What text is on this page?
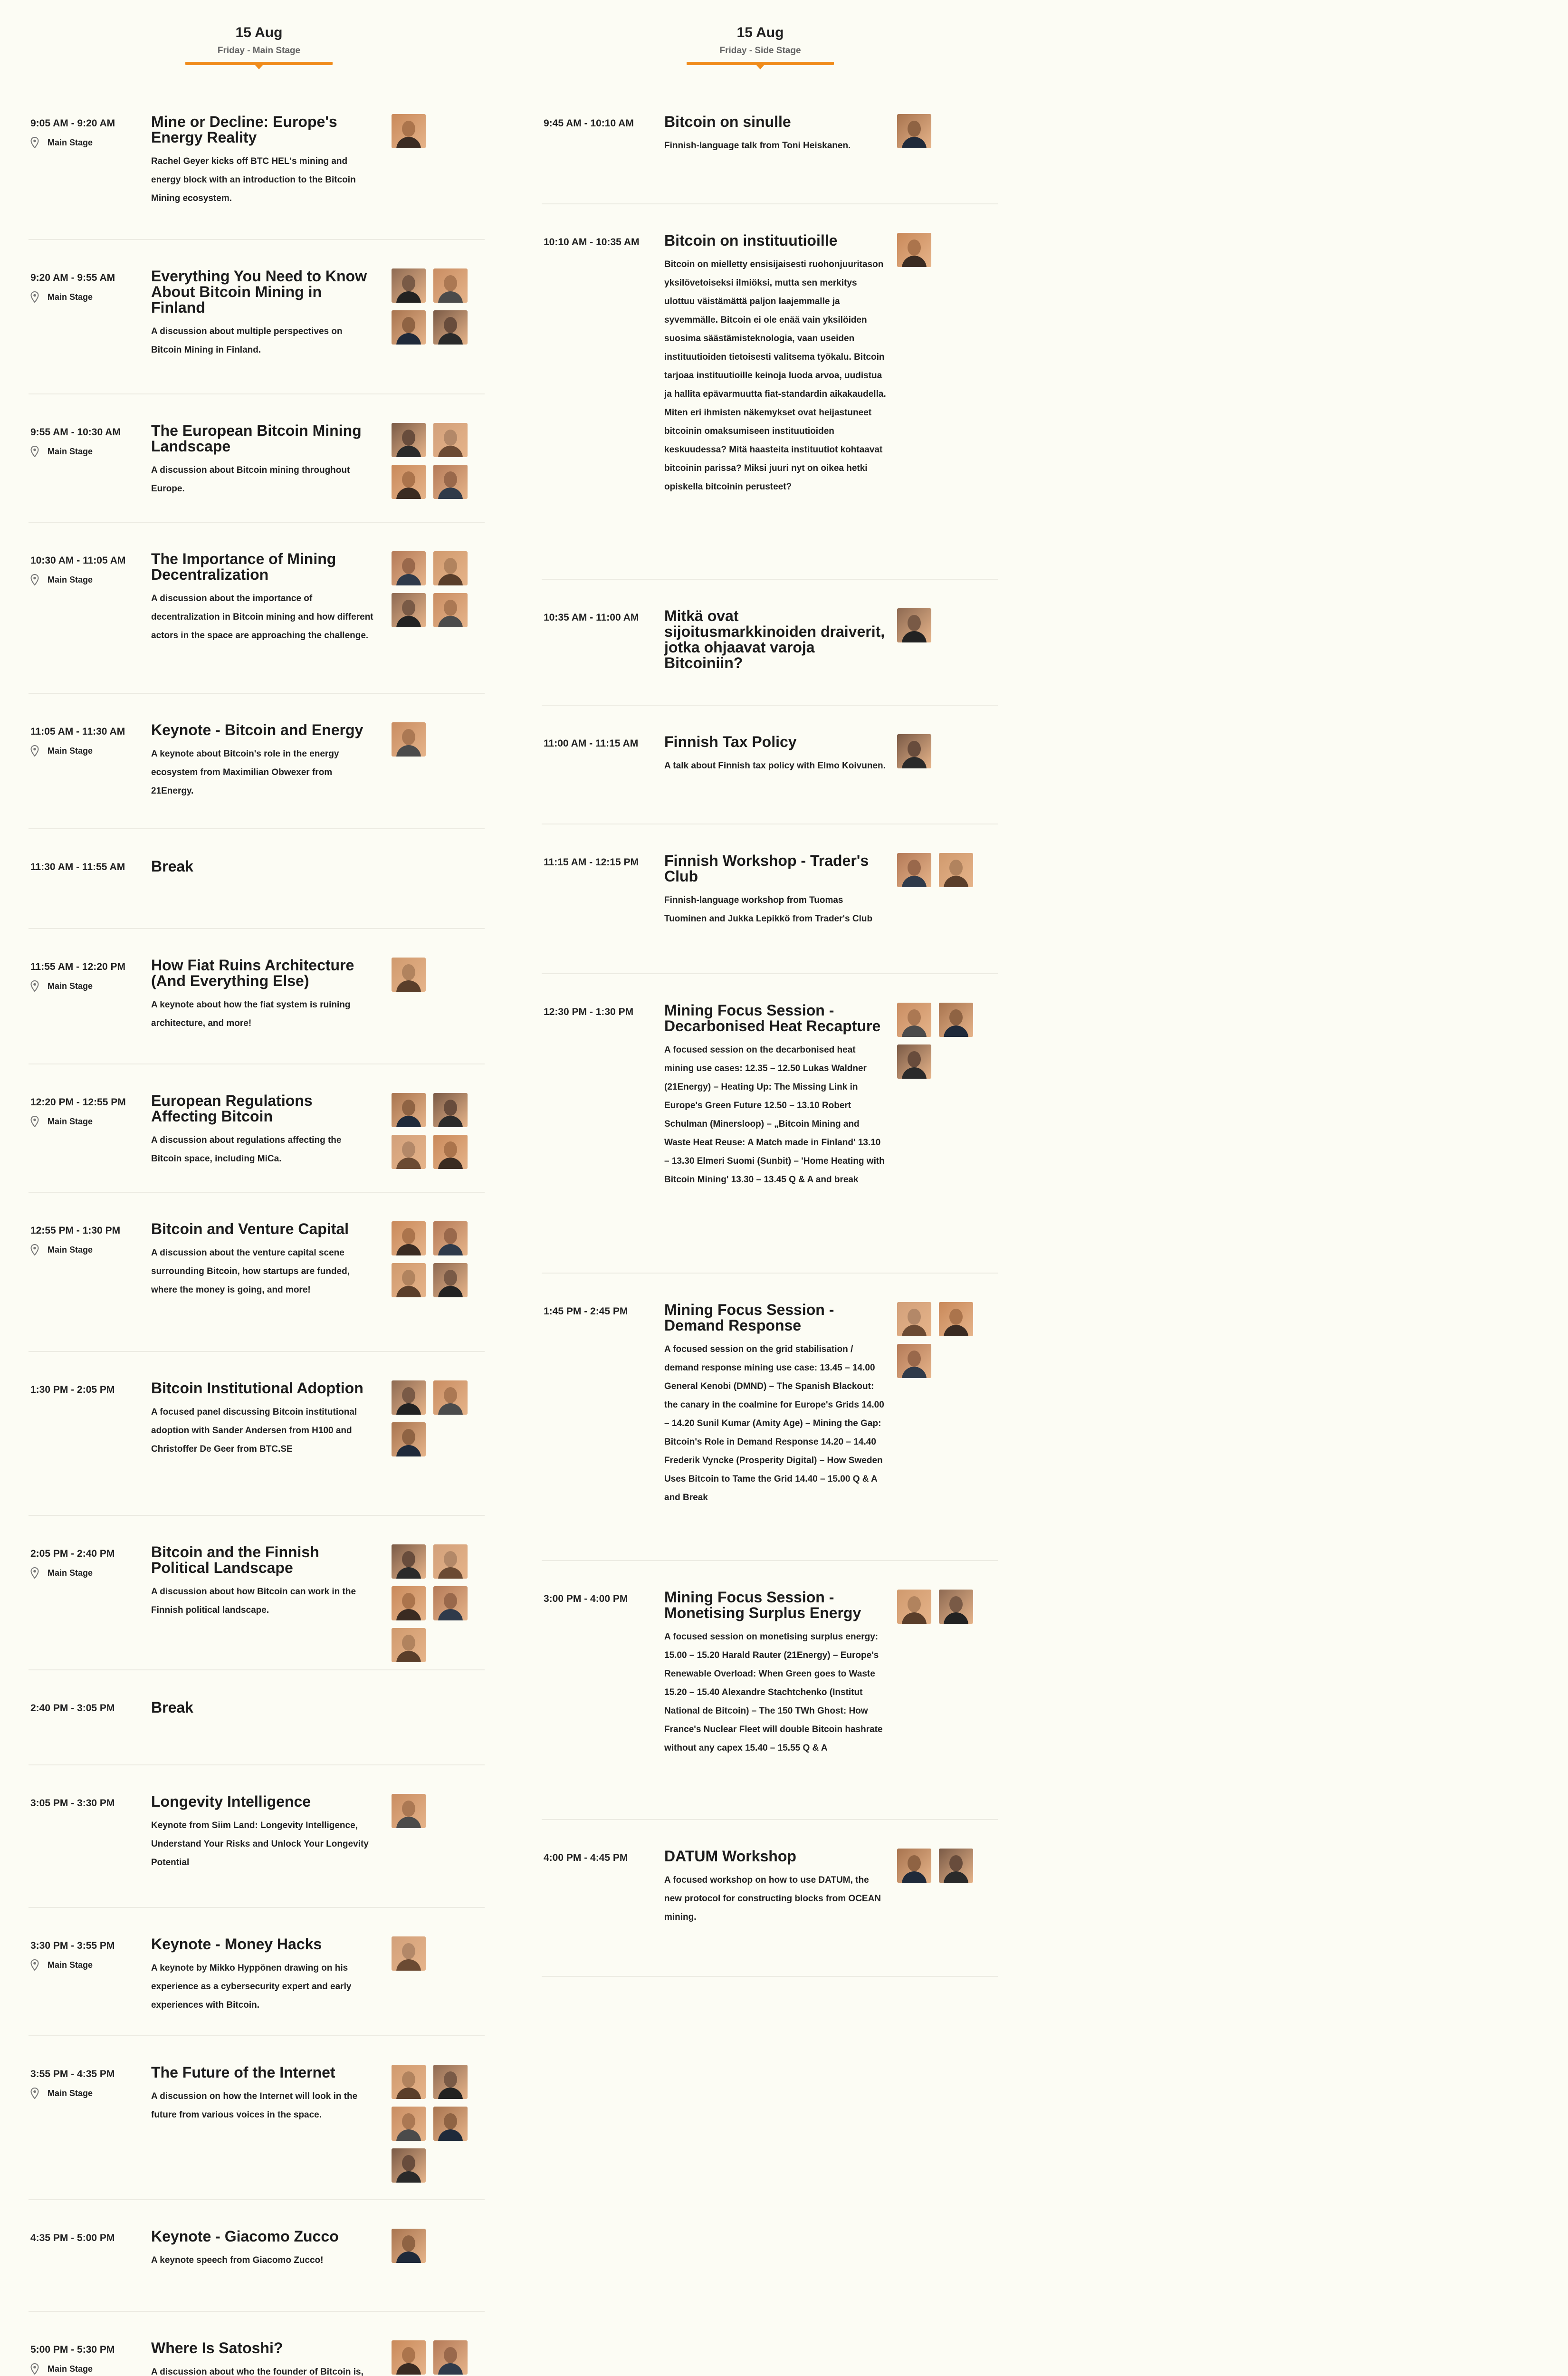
15 Aug
Friday - Main Stage
9:05 AM - 9:20 AM
Main Stage
Mine or Decline: Europe's Energy Reality
Rachel Geyer kicks off BTC HEL's mining and energy block with an introduction to the Bitcoin Mining ecosystem.
9:20 AM - 9:55 AM
Main Stage
Everything You Need to Know About Bitcoin Mining in Finland
A discussion about multiple perspectives on Bitcoin Mining in Finland.
9:55 AM - 10:30 AM
Main Stage
The European Bitcoin Mining Landscape
A discussion about Bitcoin mining throughout Europe.
10:30 AM - 11:05 AM
Main Stage
The Importance of Mining Decentralization
A discussion about the importance of decentralization in Bitcoin mining and how different actors in the space are approaching the challenge.
11:05 AM - 11:30 AM
Main Stage
Keynote - Bitcoin and Energy
A keynote about Bitcoin's role in the energy ecosystem from Maximilian Obwexer from 21Energy.
11:30 AM - 11:55 AM	Break
11:55 AM - 12:20 PM
Main Stage
How Fiat Ruins Architecture (And Everything Else)
A keynote about how the fiat system is ruining architecture, and more!
12:20 PM - 12:55 PM
Main Stage
European Regulations Affecting Bitcoin
A discussion about regulations affecting the Bitcoin space, including MiCa.
12:55 PM - 1:30 PM
Main Stage
Bitcoin and Venture Capital
A discussion about the venture capital scene surrounding Bitcoin, how startups are funded, where the money is going, and more!
1:30 PM - 2:05 PM	Bitcoin Institutional Adoption
A focused panel discussing Bitcoin institutional adoption with Sander Andersen from H100 and Christoffer De Geer from BTC.SE
2:05 PM - 2:40 PM
Main Stage
Bitcoin and the Finnish Political Landscape
A discussion about how Bitcoin can work in the Finnish political landscape.
2:40 PM - 3:05 PM	Break
3:05 PM - 3:30 PM	Longevity Intelligence
Keynote from Siim Land: Longevity Intelligence, Understand Your Risks and Unlock Your Longevity Potential
3:30 PM - 3:55 PM
Main Stage
Keynote - Money Hacks
A keynote by Mikko Hyppönen drawing on his experience as a cybersecurity expert and early experiences with Bitcoin.
3:55 PM - 4:35 PM
Main Stage
The Future of the Internet
A discussion on how the Internet will look in the future from various voices in the space.
4:35 PM - 5:00 PM	Keynote - Giacomo Zucco
A keynote speech from Giacomo Zucco!
5:00 PM - 5:30 PM
Main Stage
Where Is Satoshi?
A discussion about who the founder of Bitcoin is,
15 Aug
Friday - Side Stage
9:45 AM - 10:10 AM	Bitcoin on sinulle
Finnish-language talk from Toni Heiskanen.
10:10 AM - 10:35 AM	Bitcoin on instituutioille
Bitcoin on mielletty ensisijaisesti ruohonjuuritason yksilövetoiseksi ilmiöksi, mutta sen merkitys ulottuu väistämättä paljon laajemmalle ja syvemmälle. Bitcoin ei ole enää vain yksilöiden suosima säästämisteknologia, vaan useiden instituutioiden tietoisesti valitsema työkalu. Bitcoin tarjoaa instituutioille keinoja luoda arvoa, uudistua ja hallita epävarmuutta fiat-standardin aikakaudella. Miten eri ihmisten näkemykset ovat heijastuneet bitcoinin omaksumiseen instituutioiden keskuudessa? Mitä haasteita instituutiot kohtaavat bitcoinin parissa? Miksi juuri nyt on oikea hetki opiskella bitcoinin perusteet?
10:35 AM - 11:00 AM	Mitkä ovat sijoitusmarkkinoiden draiverit, jotka ohjaavat varoja Bitcoiniin?
11:00 AM - 11:15 AM	Finnish Tax Policy
A talk about Finnish tax policy with Elmo Koivunen.
11:15 AM - 12:15 PM	Finnish Workshop - Trader's Club
Finnish-language workshop from Tuomas Tuominen and Jukka Lepikkö from Trader's Club
12:30 PM - 1:30 PM	Mining Focus Session - Decarbonised Heat Recapture
A focused session on the decarbonised heat mining use cases: 12.35 – 12.50 Lukas Waldner (21Energy) – Heating Up: The Missing Link in Europe's Green Future 12.50 – 13.10 Robert Schulman (Minersloop) – „Bitcoin Mining and Waste Heat Reuse: A Match made in Finland' 13.10 – 13.30 Elmeri Suomi (Sunbit) – 'Home Heating with Bitcoin Mining' 13.30 – 13.45 Q & A and break
1:45 PM - 2:45 PM	Mining Focus Session - Demand Response
A focused session on the grid stabilisation / demand response mining use case: 13.45 – 14.00 General Kenobi (DMND) – The Spanish Blackout: the canary in the coalmine for Europe's Grids 14.00 – 14.20 Sunil Kumar (Amity Age) – Mining the Gap: Bitcoin's Role in Demand Response 14.20 – 14.40 Frederik Vyncke (Prosperity Digital) – How Sweden Uses Bitcoin to Tame the Grid 14.40 – 15.00 Q & A and Break
3:00 PM - 4:00 PM	Mining Focus Session - Monetising Surplus Energy
A focused session on monetising surplus energy: 15.00 – 15.20 Harald Rauter (21Energy) – Europe's Renewable Overload: When Green goes to Waste 15.20 – 15.40 Alexandre Stachtchenko (Institut National de Bitcoin) – The 150 TWh Ghost: How France's Nuclear Fleet will double Bitcoin hashrate without any capex 15.40 – 15.55 Q & A
4:00 PM - 4:45 PM	DATUM Workshop
A focused workshop on how to use DATUM, the new protocol for constructing blocks from OCEAN mining.
